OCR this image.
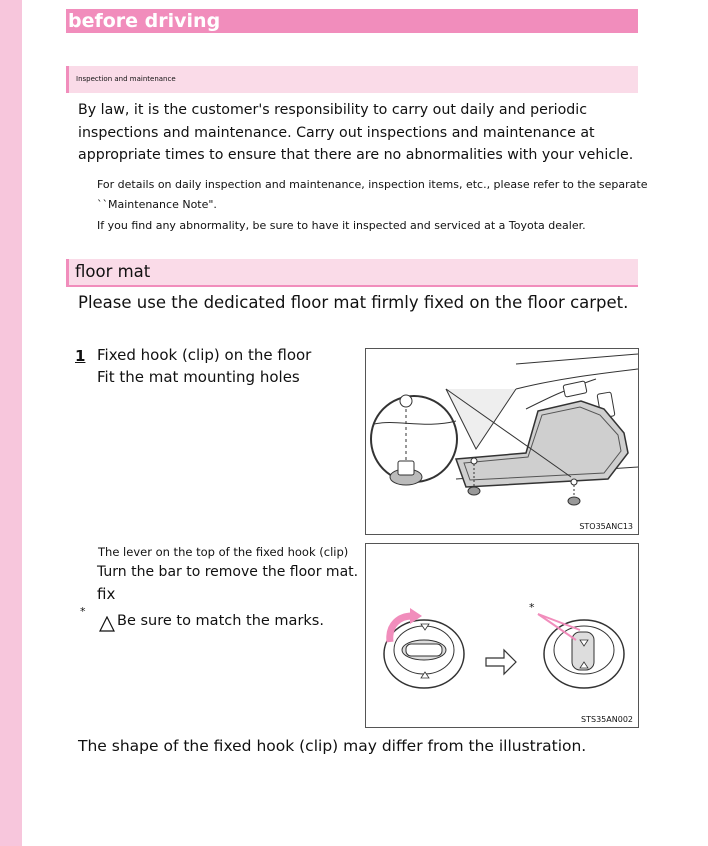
before driving
Inspection and maintenance

By law, it is the customer's responsibility to carry out daily and periodic inspections and maintenance. Carry out inspections and maintenance at appropriate times to ensure that there are no abnormalities with your vehicle.

For details on daily inspection and maintenance, inspection items, etc., please refer to the separate

``Maintenance Note".

If you find any abnormality, be sure to have it inspected and serviced at a Toyota dealer.

floor mat

Please use the dedicated floor mat firmly fixed on the floor carpet.

1 Fixed hook (clip) on the floor

Fit the mat mounting holes

STO35ANC13

The lever on the top of the fixed hook (clip)

Turn the bar to remove the floor mat.

fix

*

Be sure to match the marks.

*
STS35AN002

The shape of the fixed hook (clip) may differ from the illustration.
